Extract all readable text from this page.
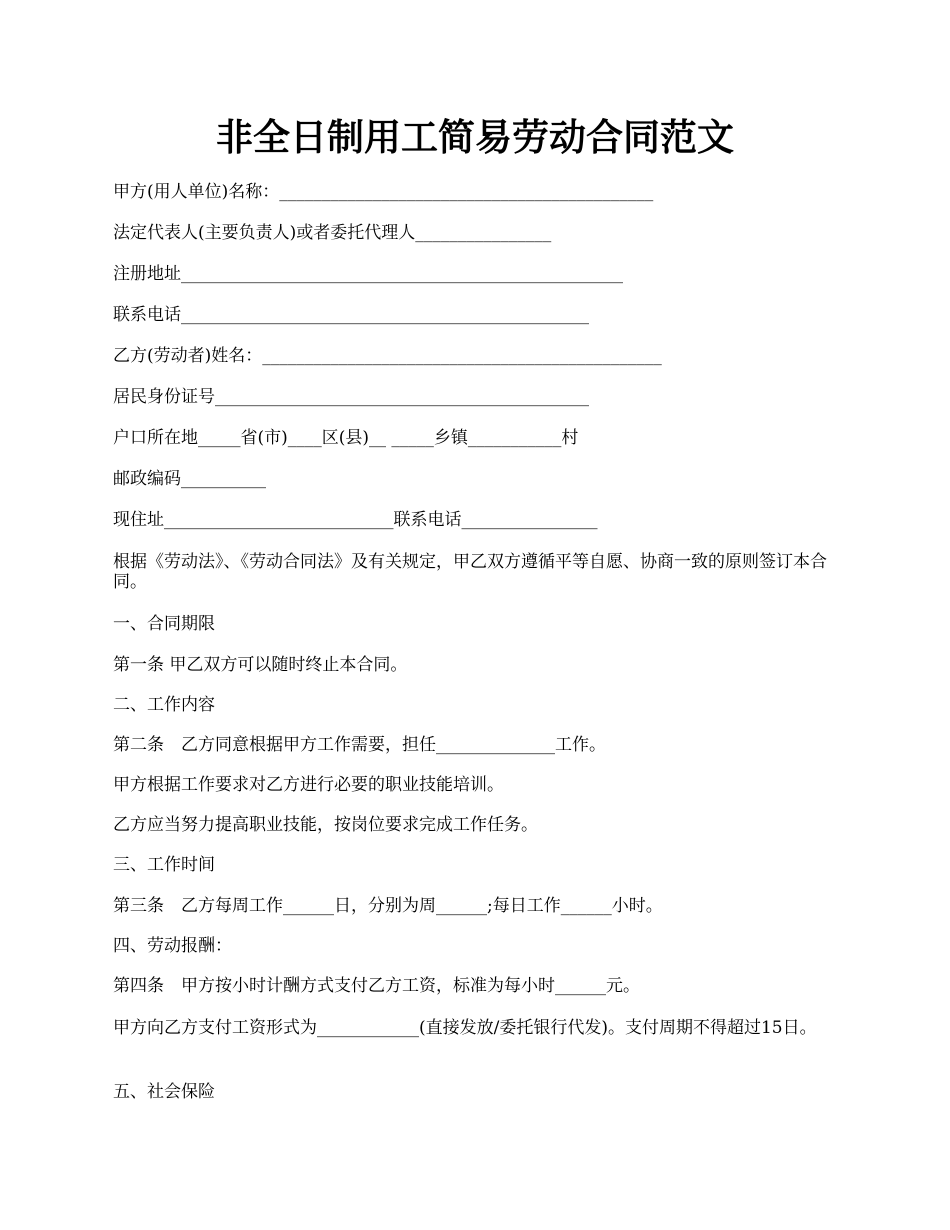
非全日制用工简易劳动合同范文

甲方(用人单位)名称：____________________________________________

法定代表人(主要负责人)或者委托代理人________________

注册地址____________________________________________________

联系电话________________________________________________

乙方(劳动者)姓名：_______________________________________________

居民身份证号____________________________________________

户口所在地_____省(市)____区(县)__ _____乡镇___________村

邮政编码__________

现住址___________________________联系电话________________

根据《劳动法》、《劳动合同法》及有关规定，甲乙双方遵循平等自愿、协商一致的原则签订本合同。

一、合同期限

第一条 甲乙双方可以随时终止本合同。

二、工作内容

第二条　乙方同意根据甲方工作需要，担任______________工作。

甲方根据工作要求对乙方进行必要的职业技能培训。

乙方应当努力提高职业技能，按岗位要求完成工作任务。

三、工作时间

第三条　乙方每周工作______日，分别为周______;每日工作______小时。

四、劳动报酬：

第四条　甲方按小时计酬方式支付乙方工资，标准为每小时______元。

甲方向乙方支付工资形式为____________(直接发放/委托银行代发)。支付周期不得超过15日。

五、社会保险
